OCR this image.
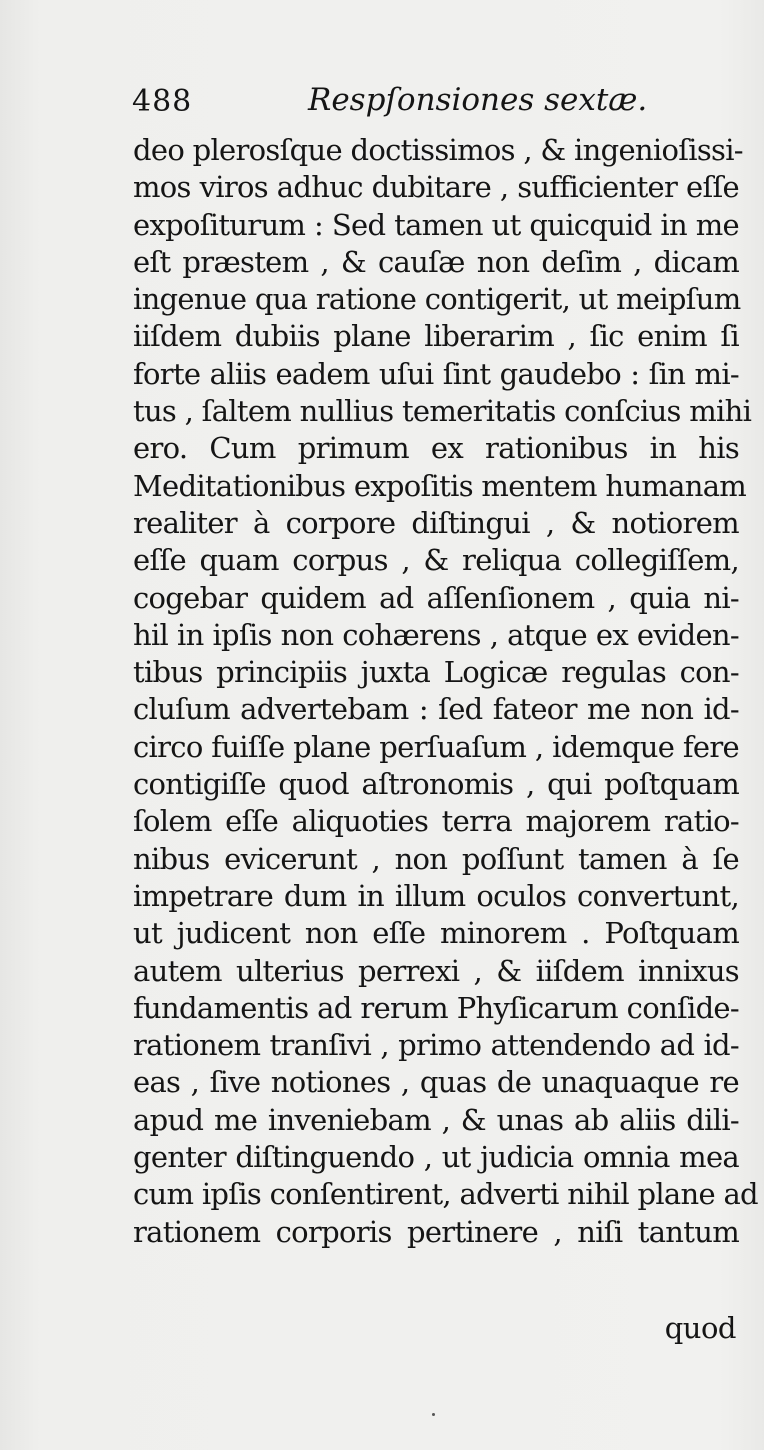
488	Respſonsiones sextæ.
deo plerosſque doctissimos , & ingenioſissi-
mos viros adhuc dubitare , sufficienter eſſe
expoſiturum : Sed tamen ut quicquid in me
eſt præstem , & cauſæ non deſim , dicam
ingenue qua ratione contigerit, ut meipſum
iiſdem dubiis plane liberarim , ſic enim ſi
forte aliis eadem uſui ſint gaudebo : ſin mi-
tus , ſaltem nullius temeritatis conſcius mihi
ero. Cum primum ex rationibus in his
Meditationibus expoſitis mentem humanam
realiter à corpore diſtingui , & notiorem
eſſe quam corpus , & reliqua collegiſſem,
cogebar quidem ad aſſenſionem , quia ni-
hil in ipſis non cohærens , atque ex eviden-
tibus principiis juxta Logicæ regulas con-
cluſum advertebam : ſed fateor me non id-
circo fuiſſe plane perſuaſum , idemque fere
contigiſſe quod aſtronomis , qui poſtquam
ſolem eſſe aliquoties terra majorem ratio-
nibus evicerunt , non poſſunt tamen à ſe
impetrare dum in illum oculos convertunt,
ut judicent non eſſe minorem . Poſtquam
autem ulterius perrexi , & iiſdem innixus
fundamentis ad rerum Phyſicarum conſide-
rationem tranſivi , primo attendendo ad id-
eas , ſive notiones , quas de unaquaque re
apud me inveniebam , & unas ab aliis dili-
genter diſtinguendo , ut judicia omnia mea
cum ipſis conſentirent, adverti nihil plane ad
rationem corporis pertinere , niſi tantum
quod
